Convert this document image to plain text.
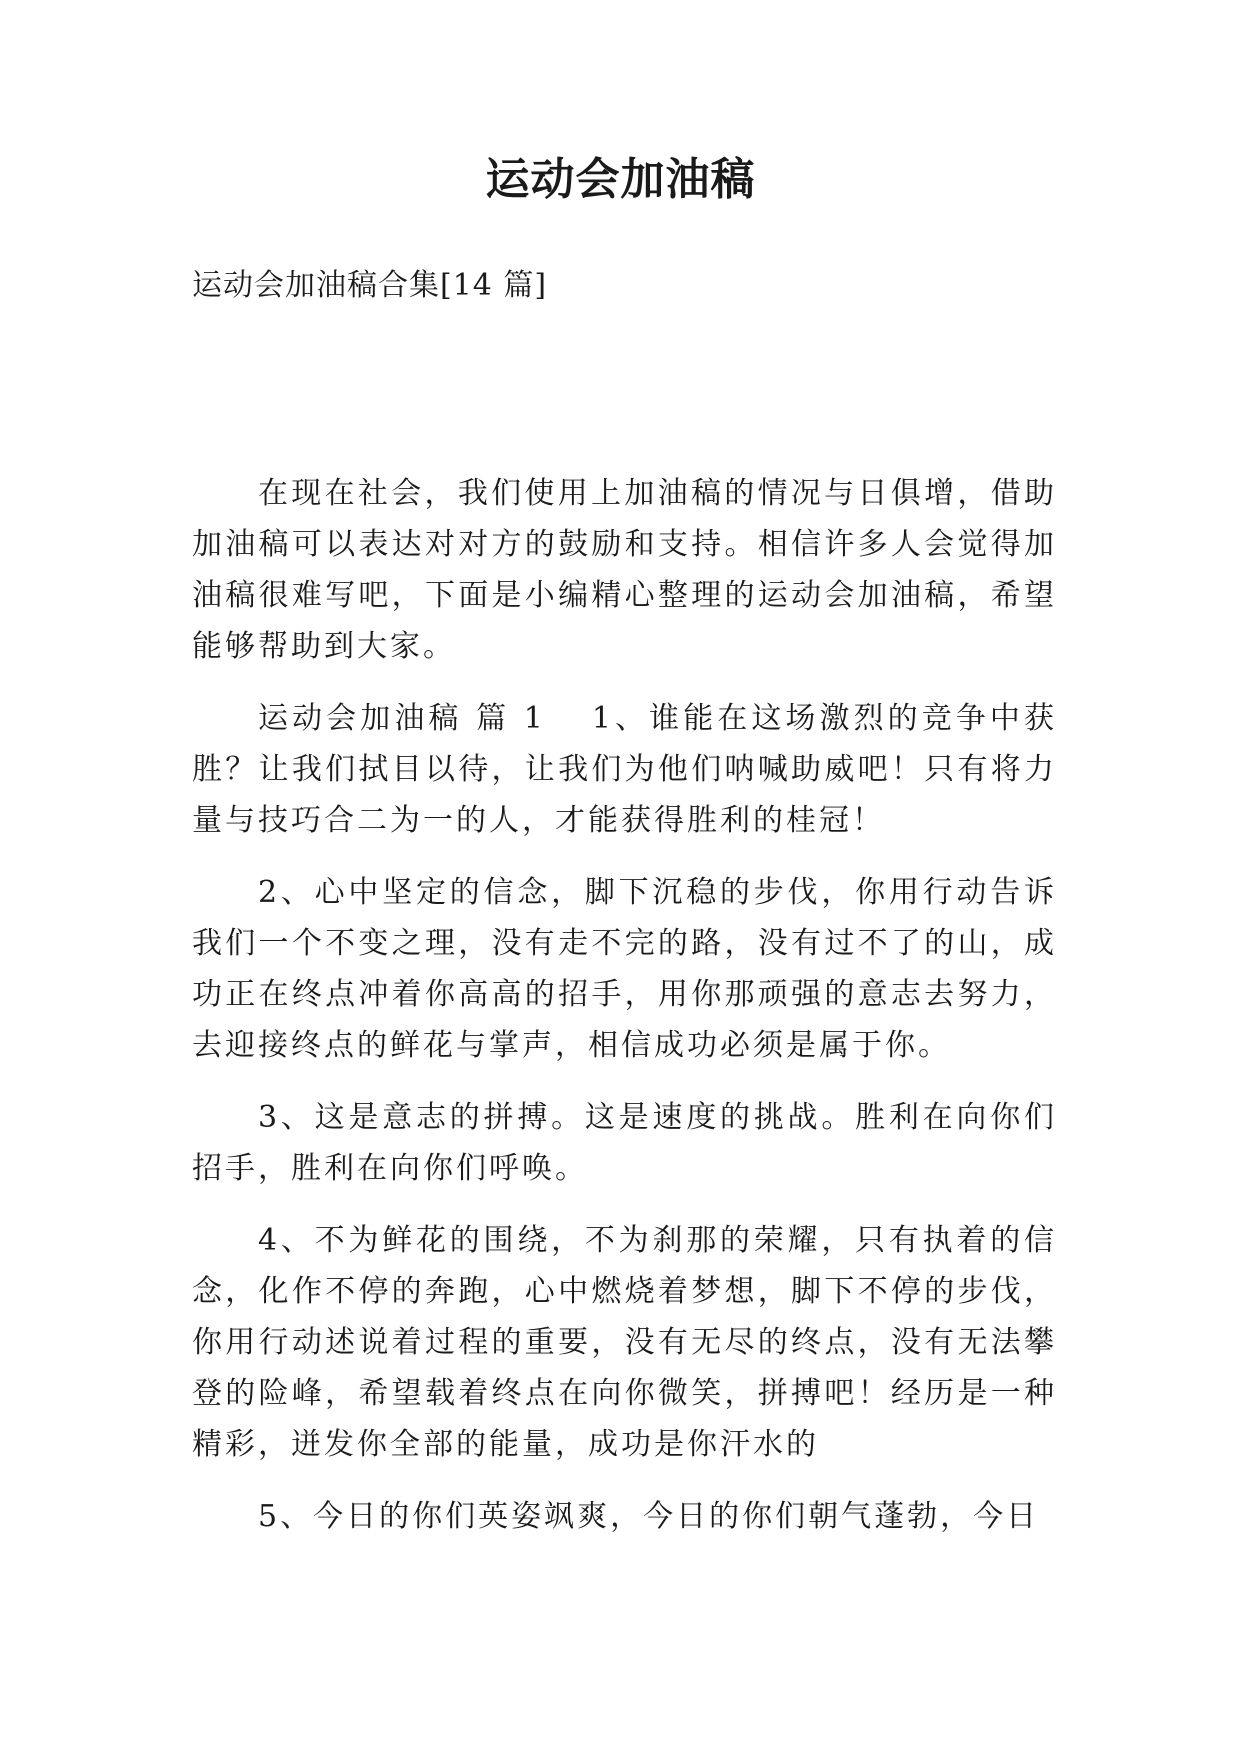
运动会加油稿

运动会加油稿合集[14 篇]

在现在社会，我们使用上加油稿的情况与日俱增，借助加油稿可以表达对对方的鼓励和支持。相信许多人会觉得加油稿很难写吧，下面是小编精心整理的运动会加油稿，希望能够帮助到大家。

运动会加油稿 篇 1 1、谁能在这场激烈的竞争中获胜？让我们拭目以待，让我们为他们呐喊助威吧！只有将力量与技巧合二为一的人，才能获得胜利的桂冠！

2、心中坚定的信念，脚下沉稳的步伐，你用行动告诉我们一个不变之理，没有走不完的路，没有过不了的山，成功正在终点冲着你高高的招手，用你那顽强的意志去努力，去迎接终点的鲜花与掌声，相信成功必须是属于你。

3、这是意志的拼搏。这是速度的挑战。胜利在向你们招手，胜利在向你们呼唤。

4、不为鲜花的围绕，不为刹那的荣耀，只有执着的信念，化作不停的奔跑，心中燃烧着梦想，脚下不停的步伐，你用行动述说着过程的重要，没有无尽的终点，没有无法攀登的险峰，希望载着终点在向你微笑，拼搏吧！经历是一种精彩，迸发你全部的能量，成功是你汗水的

5、今日的你们英姿飒爽，今日的你们朝气蓬勃，今日
